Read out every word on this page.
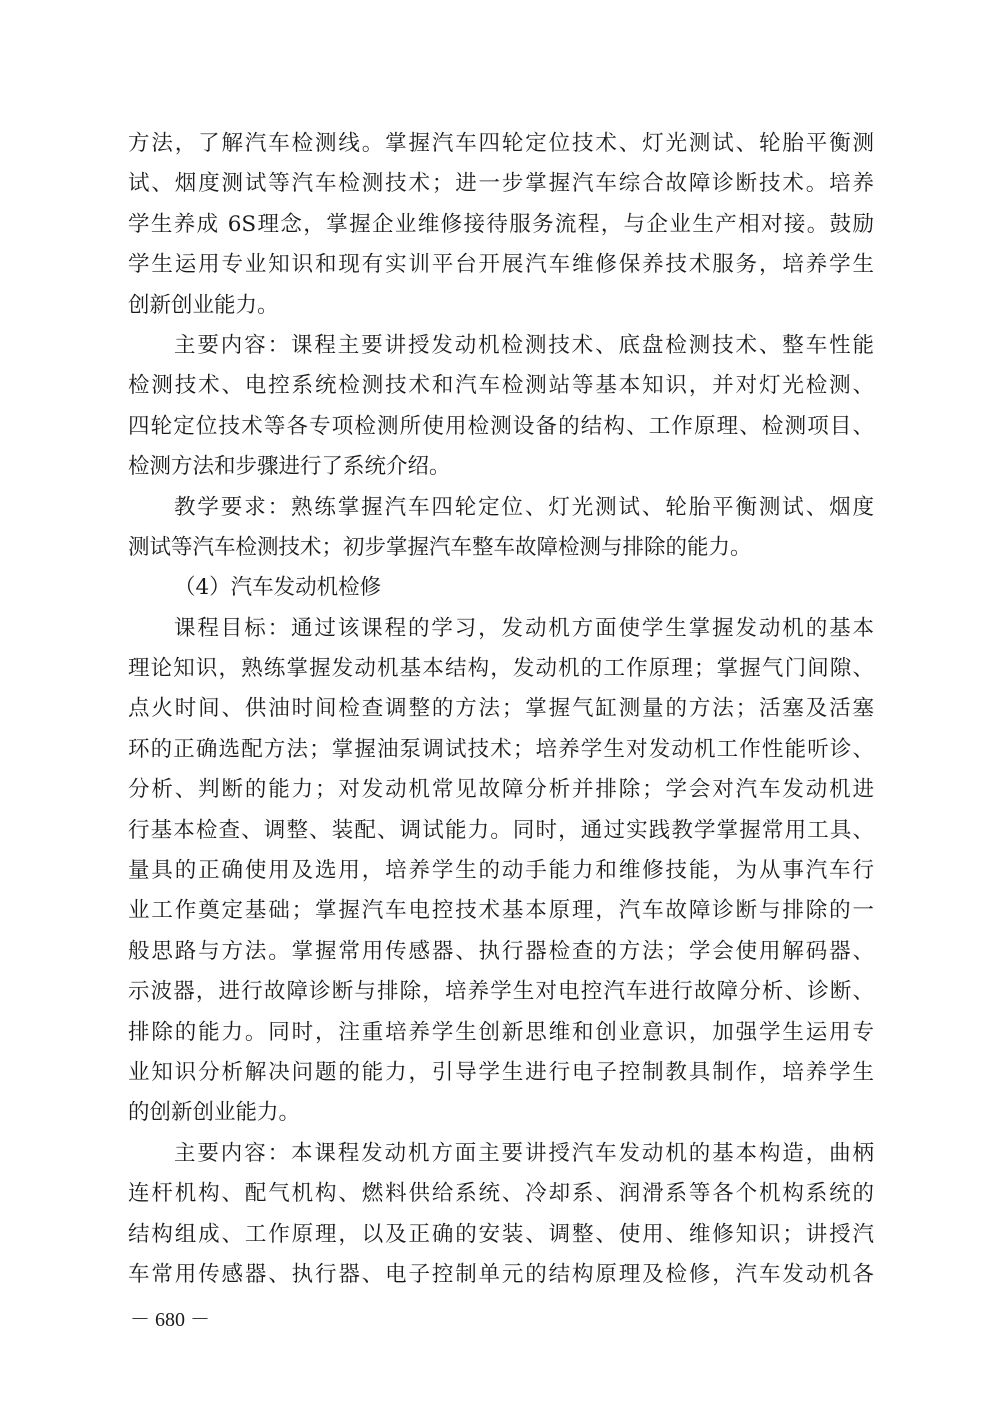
方法，了解汽车检测线。掌握汽车四轮定位技术、灯光测试、轮胎平衡测
试、烟度测试等汽车检测技术；进一步掌握汽车综合故障诊断技术。培养
学生养成 6S理念，掌握企业维修接待服务流程，与企业生产相对接。鼓励
学生运用专业知识和现有实训平台开展汽车维修保养技术服务，培养学生
创新创业能力。
主要内容：课程主要讲授发动机检测技术、底盘检测技术、整车性能
检测技术、电控系统检测技术和汽车检测站等基本知识，并对灯光检测、
四轮定位技术等各专项检测所使用检测设备的结构、工作原理、检测项目、
检测方法和步骤进行了系统介绍。
教学要求：熟练掌握汽车四轮定位、灯光测试、轮胎平衡测试、烟度
测试等汽车检测技术；初步掌握汽车整车故障检测与排除的能力。
（4）汽车发动机检修
课程目标：通过该课程的学习，发动机方面使学生掌握发动机的基本
理论知识，熟练掌握发动机基本结构，发动机的工作原理；掌握气门间隙、
点火时间、供油时间检查调整的方法；掌握气缸测量的方法；活塞及活塞
环的正确选配方法；掌握油泵调试技术；培养学生对发动机工作性能听诊、
分析、判断的能力；对发动机常见故障分析并排除；学会对汽车发动机进
行基本检查、调整、装配、调试能力。同时，通过实践教学掌握常用工具、
量具的正确使用及选用，培养学生的动手能力和维修技能，为从事汽车行
业工作奠定基础；掌握汽车电控技术基本原理，汽车故障诊断与排除的一
般思路与方法。掌握常用传感器、执行器检查的方法；学会使用解码器、
示波器，进行故障诊断与排除，培养学生对电控汽车进行故障分析、诊断、
排除的能力。同时，注重培养学生创新思维和创业意识，加强学生运用专
业知识分析解决问题的能力，引导学生进行电子控制教具制作，培养学生
的创新创业能力。
主要内容：本课程发动机方面主要讲授汽车发动机的基本构造，曲柄
连杆机构、配气机构、燃料供给系统、冷却系、润滑系等各个机构系统的
结构组成、工作原理，以及正确的安装、调整、使用、维修知识；讲授汽
车常用传感器、执行器、电子控制单元的结构原理及检修，汽车发动机各
－ 680 －
